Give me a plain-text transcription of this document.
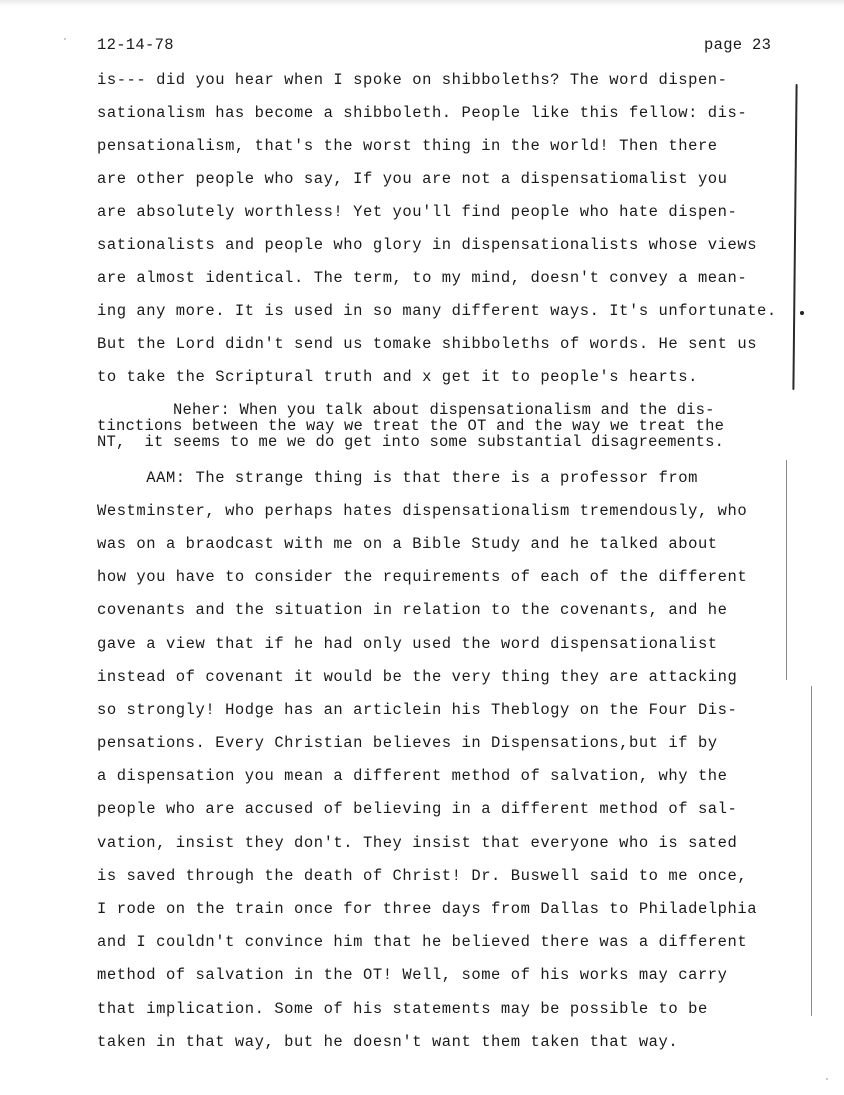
12-14-78	page 23
is--- did you hear when I spoke on shibboleths? The word dispen-
sationalism has become a shibboleth. People like this fellow: dis-
pensationalism, that's the worst thing in the world! Then there
are other people who say, If you are not a dispensatiomalist you
are absolutely worthless! Yet you'll find people who hate dispen-
sationalists and people who glory in dispensationalists whose views
are almost identical. The term, to my mind, doesn't convey a mean-
ing any more. It is used in so many different ways. It's unfortunate.
But the Lord didn't send us tomake shibboleths of words. He sent us
to take the Scriptural truth and x get it to people's hearts.
Neher: When you talk about dispensationalism and the dis-
tinctions between the way we treat the OT and the way we treat the
NT,  it seems to me we do get into some substantial disagreements.
AAM: The strange thing is that there is a professor from
Westminster, who perhaps hates dispensationalism tremendously, who
was on a braodcast with me on a Bible Study and he talked about
how you have to consider the requirements of each of the different
covenants and the situation in relation to the covenants, and he
gave a view that if he had only used the word dispensationalist
instead of covenant it would be the very thing they are attacking
so strongly! Hodge has an articlein his Theblogy on the Four Dis-
pensations. Every Christian believes in Dispensations,but if by
a dispensation you mean a different method of salvation, why the
people who are accused of believing in a different method of sal-
vation, insist they don't. They insist that everyone who is sated
is saved through the death of Christ! Dr. Buswell said to me once,
I rode on the train once for three days from Dallas to Philadelphia
and I couldn't convince him that he believed there was a different
method of salvation in the OT! Well, some of his works may carry
that implication. Some of his statements may be possible to be
taken in that way, but he doesn't want them taken that way.
